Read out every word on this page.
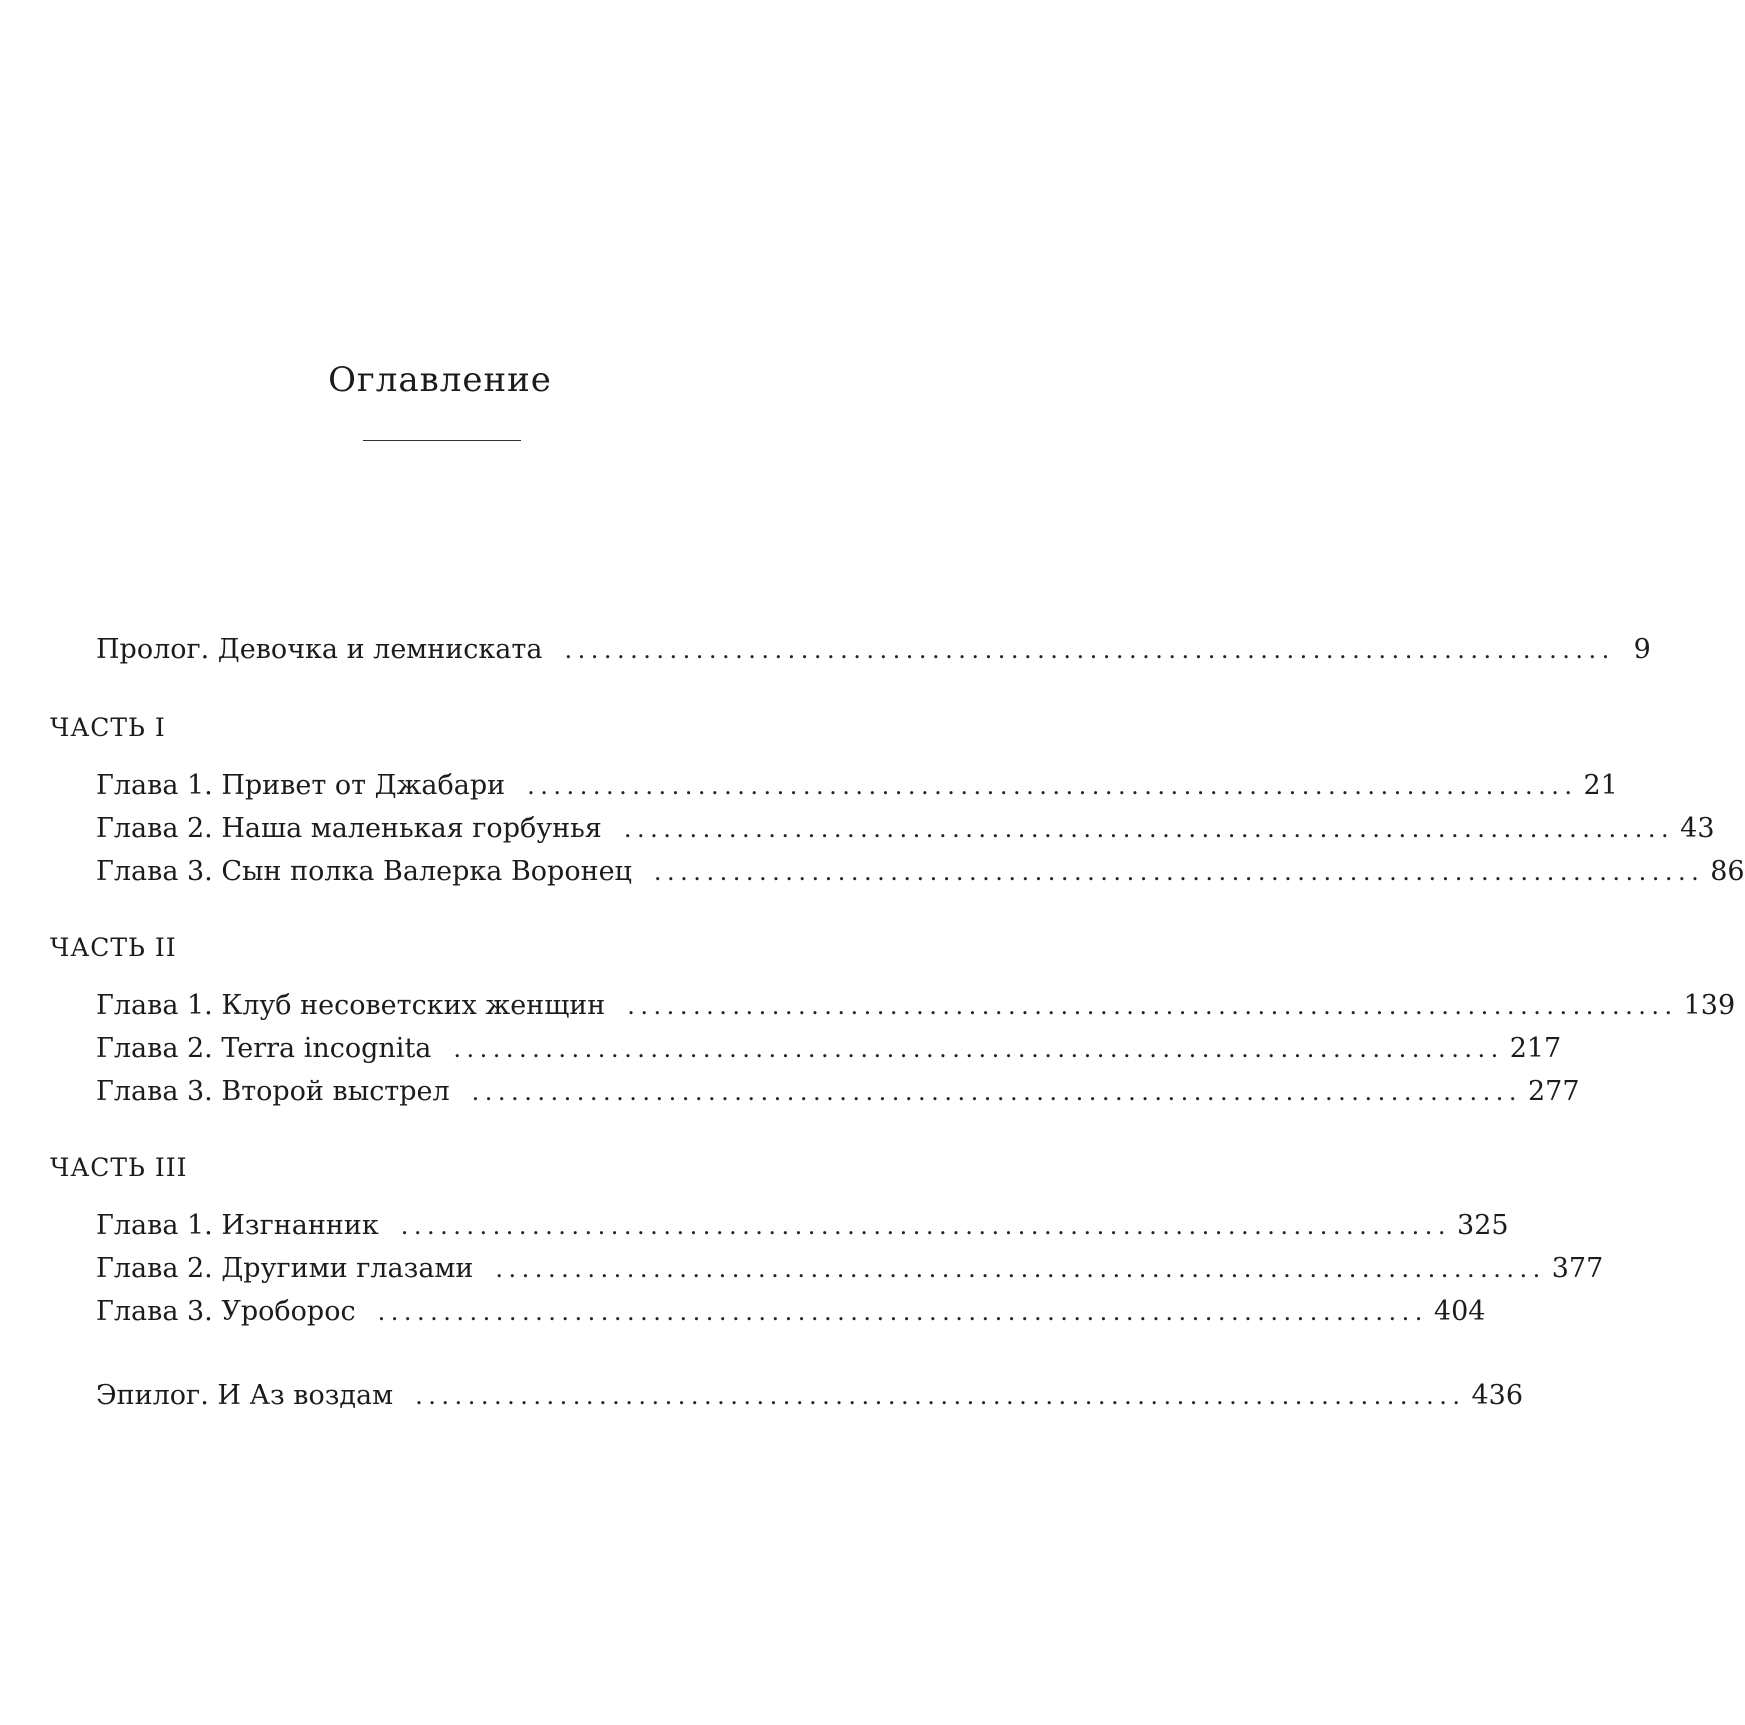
Оглавление
Пролог. Девочка и лемниската ................................................................................ 9
ЧАСТЬ I
Глава 1. Привет от Джабари ................................................................................ 21
Глава 2. Наша маленькая горбунья ................................................................................ 43
Глава 3. Сын полка Валерка Воронец ................................................................................ 86
ЧАСТЬ II
Глава 1. Клуб несоветских женщин ................................................................................ 139
Глава 2. Terra incognita ................................................................................ 217
Глава 3. Второй выстрел ................................................................................ 277
ЧАСТЬ III
Глава 1. Изгнанник ................................................................................ 325
Глава 2. Другими глазами ................................................................................ 377
Глава 3. Уроборос ................................................................................ 404
Эпилог. И Аз воздам ................................................................................ 436
